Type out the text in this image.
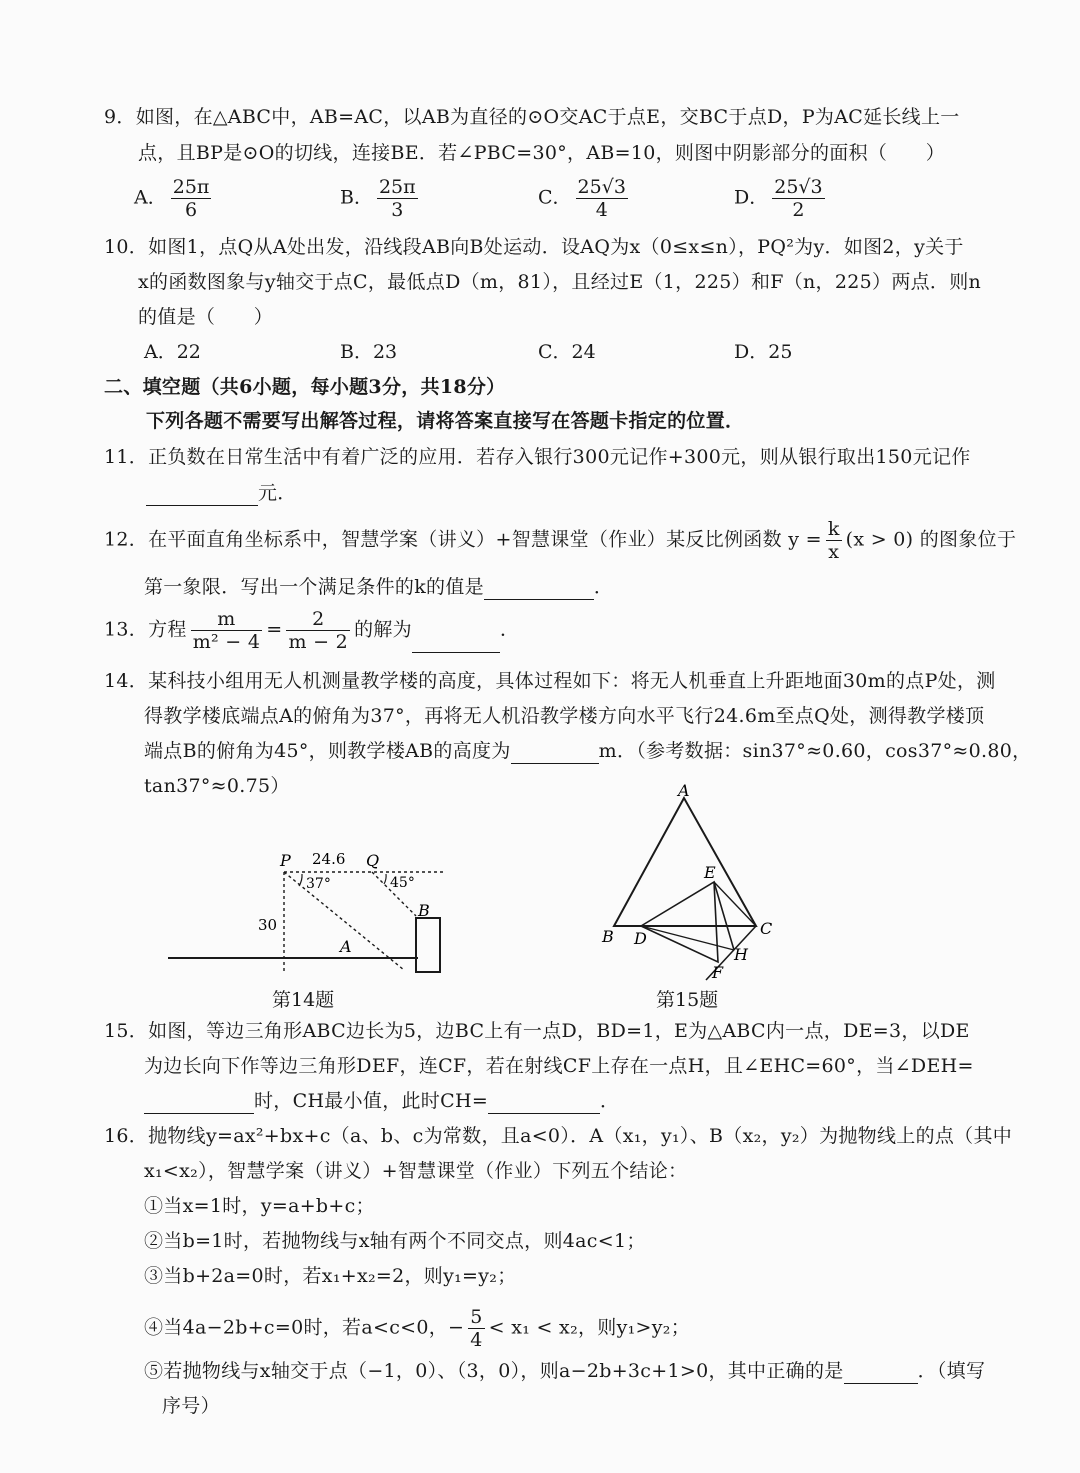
9．如图，在△ABC中，AB=AC，以AB为直径的⊙O交AC于点E，交BC于点D，P为AC延长线上一
点，且BP是⊙O的切线，连接BE．若∠PBC=30°，AB=10，则图中阴影部分的面积（　　）
A． $\frac{25\pi}{6}$	B． $\frac{25\pi}{3}$	C． $\frac{25√3}{4}$	D． $\frac{25√3}{2}$
10．如图1，点Q从A处出发，沿线段AB向B处运动．设AQ为x（0≤x≤n），PQ²为y．如图2，y关于
x的函数图象与y轴交于点C，最低点D（m，81），且经过E（1，225）和F（n，225）两点．则n
的值是（　　）
A．22	B．23	C．24	D．25
二、填空题（共6小题，每小题3分，共18分）
下列各题不需要写出解答过程，请将答案直接写在答题卡指定的位置．
11．正负数在日常生活中有着广泛的应用．若存入银行300元记作+300元，则从银行取出150元记作
元．
12．在平面直角坐标系中，智慧学案（讲义）+智慧课堂（作业）某反比例函数 $y = \frac{k}{x} (x > 0)$ 的图象位于
第一象限．写出一个满足条件的k的值是	．
13．方程 $\frac{m}{\text{m² − 4}} = \frac{2}{m - 2}$ 的解为	．
14．某科技小组用无人机测量教学楼的高度，具体过程如下：将无人机垂直上升距地面30m的点P处，测
得教学楼底端点A的俯角为37°，再将无人机沿教学楼方向水平飞行24.6m至点Q处，测得教学楼顶
端点B的俯角为45°，则教学楼AB的高度为	m．（参考数据：sin37°≈0.60，cos37°≈0.80，
tan37°≈0.75）
P	Q
24.6
37°	45°
30
A
B
第14题
A
B	C
D
E
F
H
第15题
15．如图，等边三角形ABC边长为5，边BC上有一点D，BD=1，E为△ABC内一点，DE=3，以DE
为边长向下作等边三角形DEF，连CF，若在射线CF上存在一点H，且∠EHC=60°，当∠DEH=
时，CH最小值，此时CH=	．
16．抛物线y=ax²+bx+c（a、b、c为常数，且a<0）．A（x₁，y₁）、B（x₂，y₂）为抛物线上的点（其中
x₁<x₂），智慧学案（讲义）+智慧课堂（作业）下列五个结论：
①当x=1时，y=a+b+c；
②当b=1时，若抛物线与x轴有两个不同交点，则4ac<1；
③当b+2a=0时，若x₁+x₂=2，则y₁=y₂；
④当4a−2b+c=0时，若a<c<0，− $\frac{5}{4} < x_1 < x_2$，则y₁>y₂；
⑤若抛物线与x轴交于点（−1，0）、（3，0），则a−2b+3c+1>0，其中正确的是	．（填写
序号）
